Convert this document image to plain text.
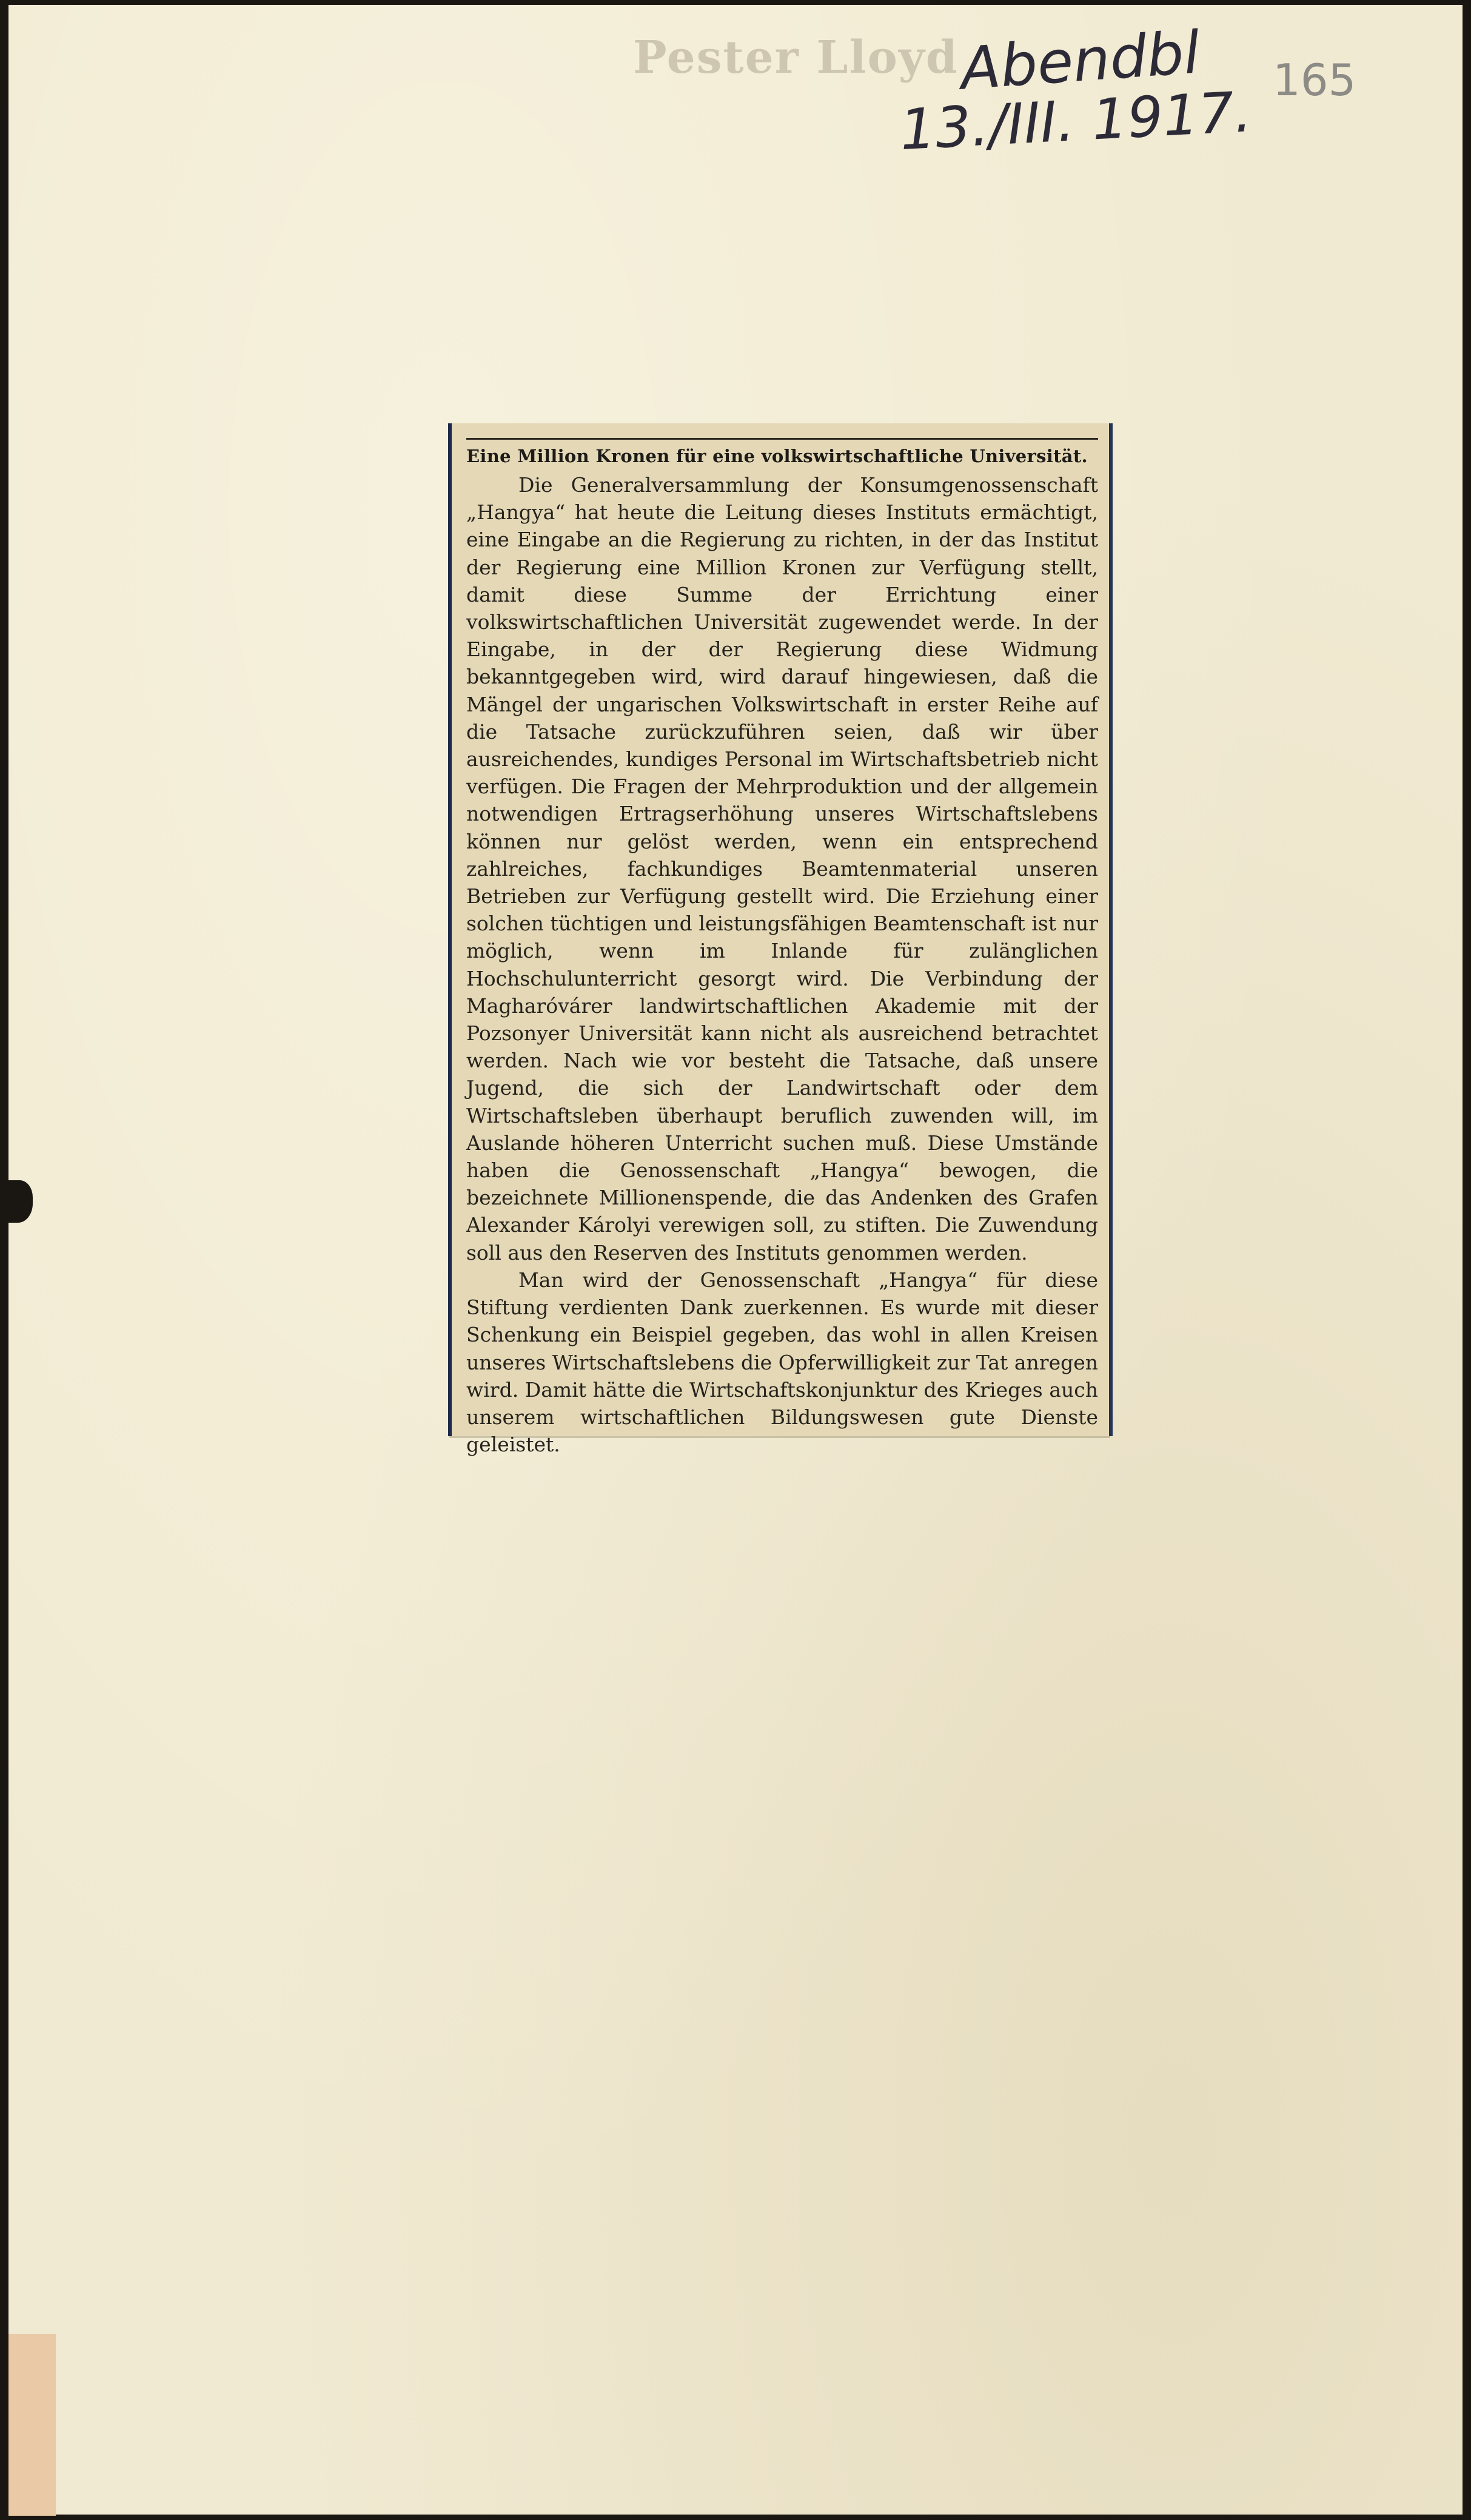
Pester Lloyd Abendbl
13./III. 1917. 165
Eine Million Kronen für eine volkswirtschaftliche Universität.

Die Generalversammlung der Konsumgenossenschaft „Hangya“ hat heute die Leitung dieses Instituts ermächtigt, eine Eingabe an die Regierung zu richten, in der das Institut der Regierung eine Million Kronen zur Verfügung stellt, damit diese Summe der Errichtung einer volkswirtschaftlichen Universität zugewendet werde. In der Eingabe, in der der Regierung diese Widmung bekanntgegeben wird, wird darauf hingewiesen, daß die Mängel der ungarischen Volkswirtschaft in erster Reihe auf die Tatsache zurückzuführen seien, daß wir über ausreichendes, kundiges Personal im Wirtschaftsbetrieb nicht verfügen. Die Fragen der Mehrproduktion und der allgemein notwendigen Ertragserhöhung unseres Wirtschaftslebens können nur gelöst werden, wenn ein entsprechend zahlreiches, fachkundiges Beamtenmaterial unseren Betrieben zur Verfügung gestellt wird. Die Erziehung einer solchen tüchtigen und leistungsfähigen Beamtenschaft ist nur möglich, wenn im Inlande für zulänglichen Hochschulunterricht gesorgt wird. Die Verbindung der Magharóvárer landwirtschaftlichen Akademie mit der Pozsonyer Universität kann nicht als ausreichend betrachtet werden. Nach wie vor besteht die Tatsache, daß unsere Jugend, die sich der Landwirtschaft oder dem Wirtschaftsleben überhaupt beruflich zuwenden will, im Auslande höheren Unterricht suchen muß. Diese Umstände haben die Genossenschaft „Hangya“ bewogen, die bezeichnete Millionenspende, die das Andenken des Grafen Alexander Károlyi verewigen soll, zu stiften. Die Zuwendung soll aus den Reserven des Instituts genommen werden.

Man wird der Genossenschaft „Hangya“ für diese Stiftung verdienten Dank zuerkennen. Es wurde mit dieser Schenkung ein Beispiel gegeben, das wohl in allen Kreisen unseres Wirtschaftslebens die Opferwilligkeit zur Tat anregen wird. Damit hätte die Wirtschaftskonjunktur des Krieges auch unserem wirtschaftlichen Bildungswesen gute Dienste geleistet.
